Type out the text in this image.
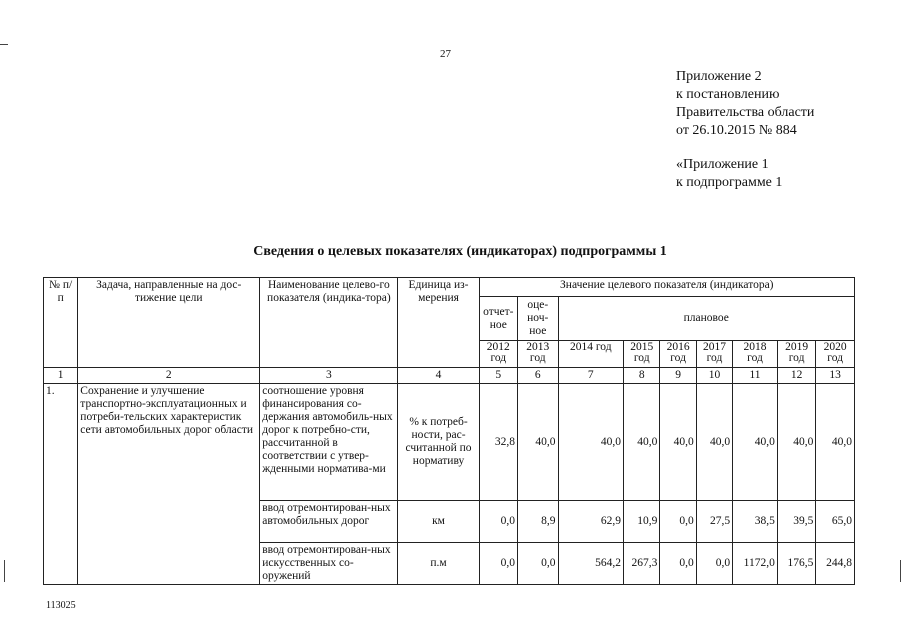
27
Приложение 2
к постановлению
Правительства области
от 26.10.2015 № 884
«Приложение 1
к подпрограмме 1
Сведения о целевых показателях (индикаторах) подпрограммы 1
№ п/п	Задача, направленные на дос-тижение цели	Наименование целево-го показателя (индика-тора)	Единица из-мерения	Значение целевого показателя (индикатора)								
				отчет-ное	оце-ноч-ное	плановое						
				2012 год	2013 год	2014 год	2015 год	2016 год	2017 год	2018 год	2019 год	2020 год

1	2	3	4	5	6	7	8	9	10	11	12	13
1.	Сохранение и улучшение транспортно-эксплуатационных и потреби-тельских характеристик сети автомобильных дорог области	соотношение уровня финансирования со-держания автомобиль-ных дорог к потребно-сти, рассчитанной в соответствии с утвер-жденными норматива-ми	% к потреб-ности, рас-считанной по нормативу	32,8	40,0	40,0	40,0	40,0	40,0	40,0	40,0	40,0
		ввод отремонтирован-ных автомобильных дорог	км	0,0	8,9	62,9	10,9	0,0	27,5	38,5	39,5	65,0
		ввод отремонтирован-ных искусственных со-оружений	п.м	0,0	0,0	564,2	267,3	0,0	0,0	1172,0	176,5	244,8
113025
